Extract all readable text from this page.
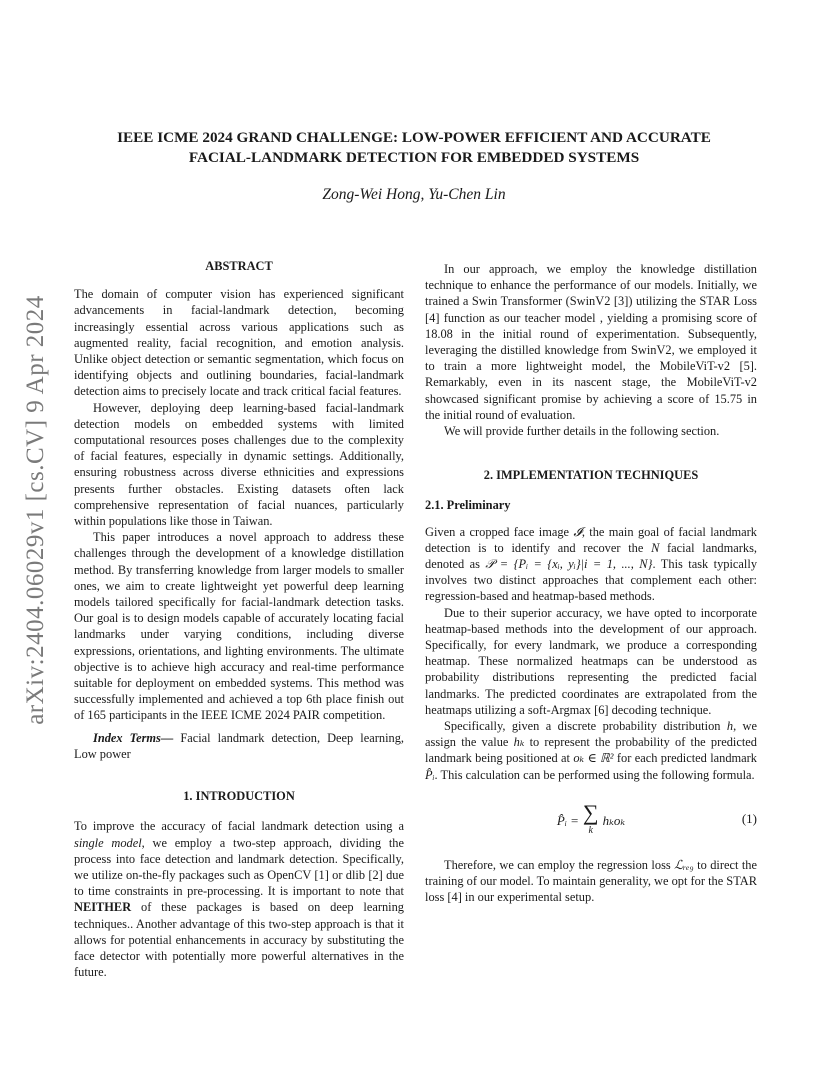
arXiv:2404.06029v1 [cs.CV] 9 Apr 2024
IEEE ICME 2024 GRAND CHALLENGE: LOW-POWER EFFICIENT AND ACCURATE
FACIAL-LANDMARK DETECTION FOR EMBEDDED SYSTEMS
Zong-Wei Hong, Yu-Chen Lin
ABSTRACT

The domain of computer vision has experienced significant advancements in facial-landmark detection, becoming increasingly essential across various applications such as augmented reality, facial recognition, and emotion analysis. Unlike object detection or semantic segmentation, which focus on identifying objects and outlining boundaries, facial-landmark detection aims to precisely locate and track critical facial features.

However, deploying deep learning-based facial-landmark detection models on embedded systems with limited computational resources poses challenges due to the complexity of facial features, especially in dynamic settings. Additionally, ensuring robustness across diverse ethnicities and expressions presents further obstacles. Existing datasets often lack comprehensive representation of facial nuances, particularly within populations like those in Taiwan.

This paper introduces a novel approach to address these challenges through the development of a knowledge distillation method. By transferring knowledge from larger models to smaller ones, we aim to create lightweight yet powerful deep learning models tailored specifically for facial-landmark detection tasks. Our goal is to design models capable of accurately locating facial landmarks under varying conditions, including diverse expressions, orientations, and lighting environments. The ultimate objective is to achieve high accuracy and real-time performance suitable for deployment on embedded systems. This method was successfully implemented and achieved a top 6th place finish out of 165 participants in the IEEE ICME 2024 PAIR competition.

Index Terms— Facial landmark detection, Deep learning, Low power

1. INTRODUCTION

To improve the accuracy of facial landmark detection using a single model, we employ a two-step approach, dividing the process into face detection and landmark detection. Specifically, we utilize on-the-fly packages such as OpenCV [1] or dlib [2] due to time constraints in pre-processing. It is important to note that NEITHER of these packages is based on deep learning techniques.. Another advantage of this two-step approach is that it allows for potential enhancements in accuracy by substituting the face detector with potentially more powerful alternatives in the future.

In our approach, we employ the knowledge distillation technique to enhance the performance of our models. Initially, we trained a Swin Transformer (SwinV2 [3]) utilizing the STAR Loss [4] function as our teacher model , yielding a promising score of 18.08 in the initial round of experimentation. Subsequently, leveraging the distilled knowledge from SwinV2, we employed it to train a more lightweight model, the MobileViT-v2 [5]. Remarkably, even in its nascent stage, the MobileViT-v2 showcased significant promise by achieving a score of 15.75 in the initial round of evaluation.

We will provide further details in the following section.

2. IMPLEMENTATION TECHNIQUES
2.1. Preliminary

Given a cropped face image 𝓘, the main goal of facial landmark detection is to identify and recover the N facial landmarks, denoted as 𝒫 = {Pᵢ = {xᵢ, yᵢ}|i = 1, ..., N}. This task typically involves two distinct approaches that complement each other: regression-based and heatmap-based methods.

Due to their superior accuracy, we have opted to incorporate heatmap-based methods into the development of our approach. Specifically, for every landmark, we produce a corresponding heatmap. These normalized heatmaps can be understood as probability distributions representing the predicted facial landmarks. The predicted coordinates are extrapolated from the heatmaps utilizing a soft-Argmax [6] decoding technique.

Specifically, given a discrete probability distribution h, we assign the value hₖ to represent the probability of the predicted landmark being positioned at oₖ ∈ ℝ² for each predicted landmark P̂ᵢ. This calculation can be performed using the following formula.

P̂ᵢ = ∑
k
hₖoₖ	(1)

Therefore, we can employ the regression loss ℒᵣₑ₉ to direct the training of our model. To maintain generality, we opt for the STAR loss [4] in our experimental setup.
